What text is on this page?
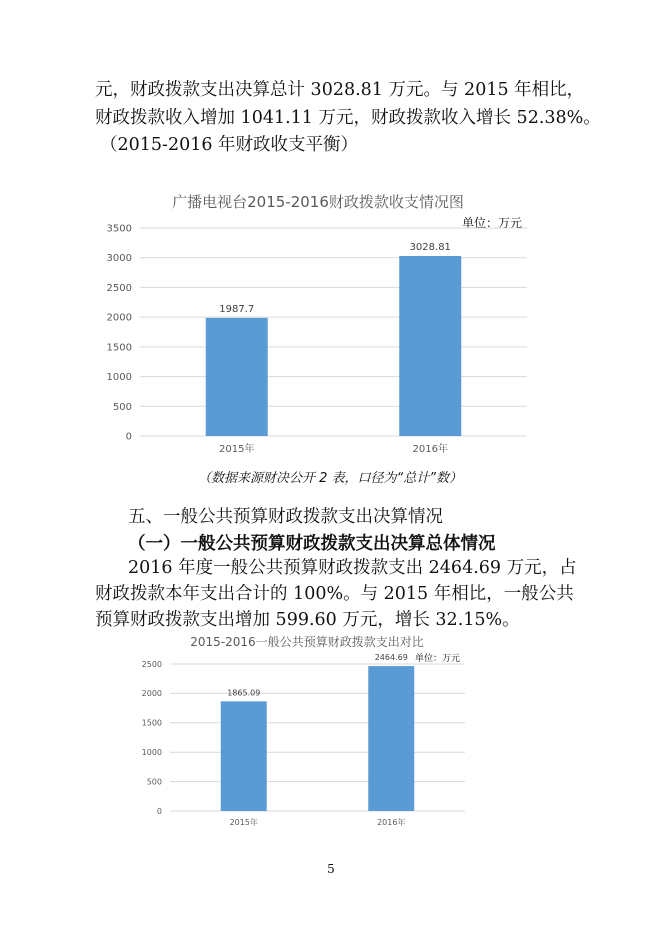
元，财政拨款支出决算总计 3028.81 万元。与 2015 年相比，
财政拨款收入增加 1041.11 万元，财政拨款收入增长 52.38%。
（2015-2016 年财政收支平衡）
广播电视台2015-2016财政拨款收支情况图
单位：万元
0
500
1000
1500
2000
2500
3000
3500
1987.7
2015年
3028.81
2016年
（数据来源财决公开 2 表，口径为“总计”数）
五、一般公共预算财政拨款支出决算情况
（一）一般公共预算财政拨款支出决算总体情况
2016 年度一般公共预算财政拨款支出 2464.69 万元，占
财政拨款本年支出合计的 100%。与 2015 年相比，一般公共
预算财政拨款支出增加 599.60 万元，增长 32.15%。
2015-2016一般公共预算财政拨款支出对比
单位：万元
0
500
1000
1500
2000
2500
1865.09
2015年
2464.69
2016年
5
